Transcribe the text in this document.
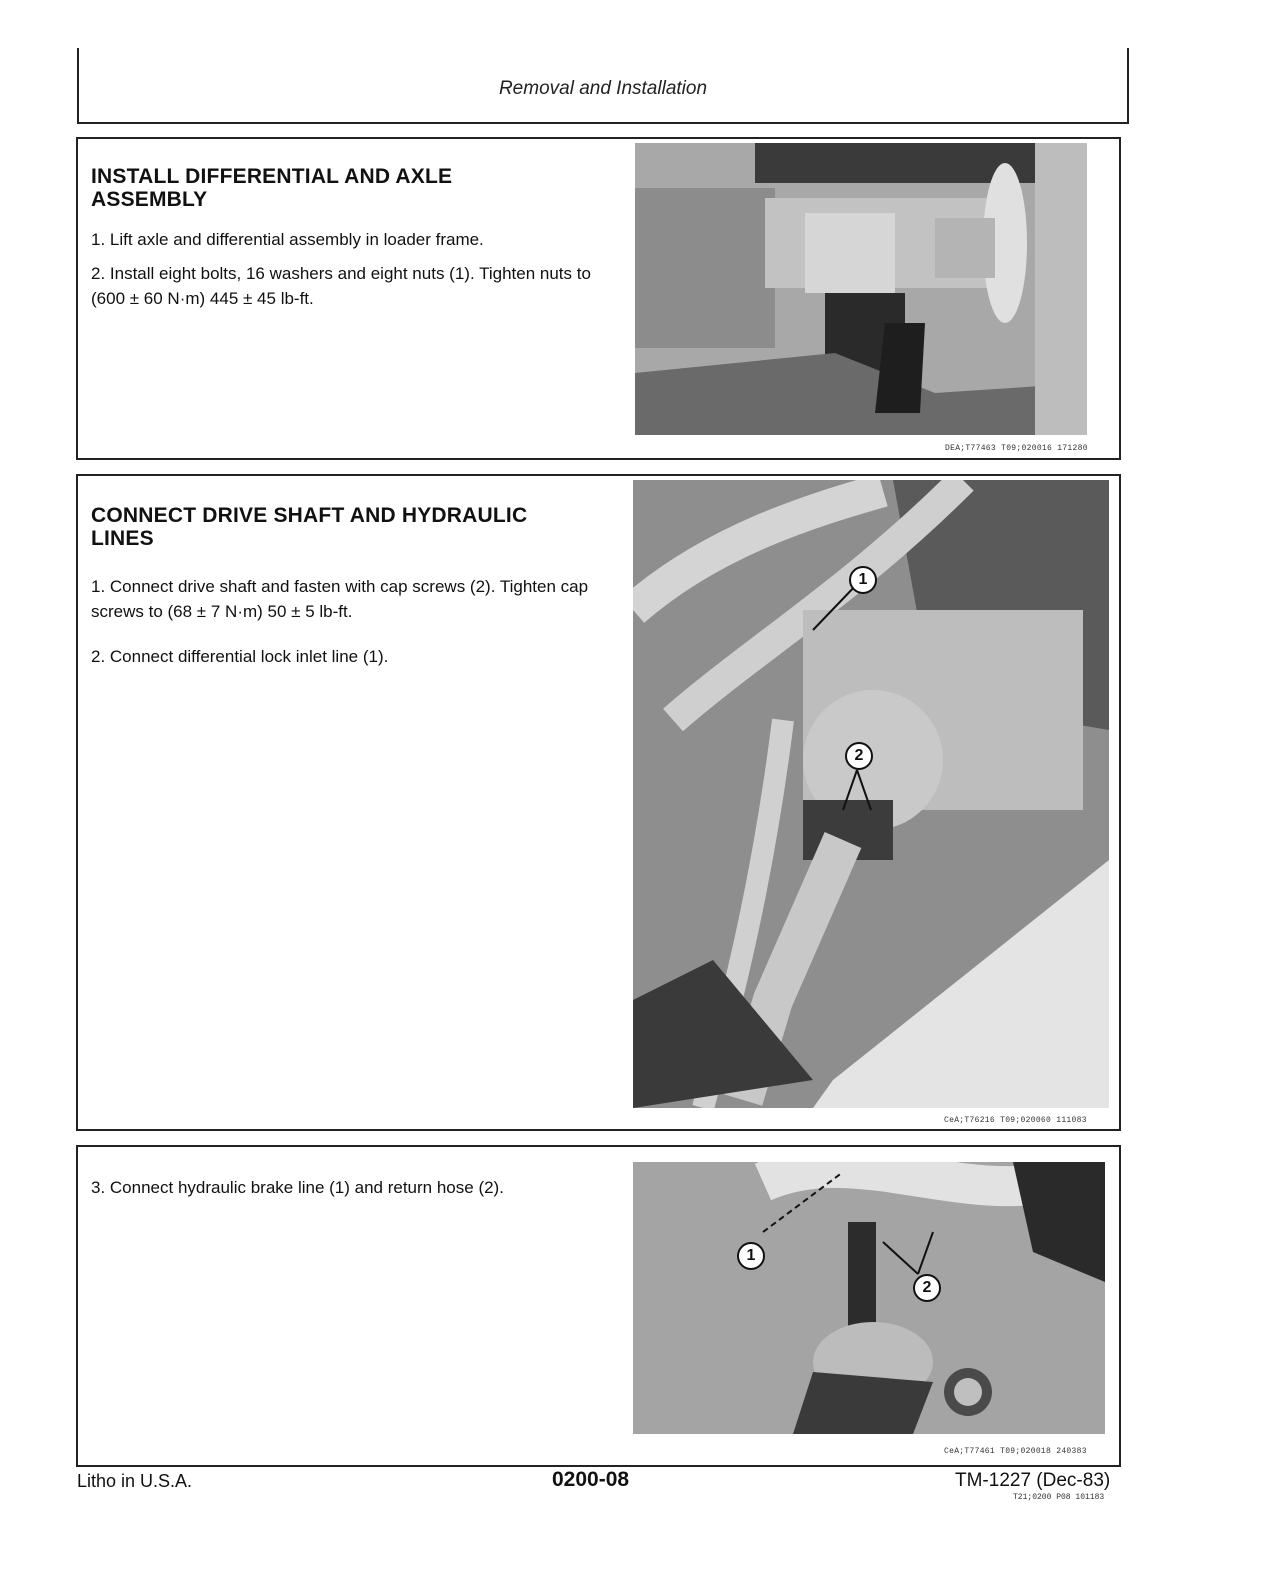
Removal and Installation
INSTALL DIFFERENTIAL AND AXLE
ASSEMBLY
1. Lift axle and differential assembly in loader frame.
2. Install eight bolts, 16 washers and eight nuts (1). Tighten nuts to (600 ± 60 N·m) 445 ± 45 lb-ft.
DEA;T77463 T09;020016 171280
CONNECT DRIVE SHAFT AND HYDRAULIC
LINES
1. Connect drive shaft and fasten with cap screws (2). Tighten cap screws to (68 ± 7 N·m) 50 ± 5 lb-ft.
2. Connect differential lock inlet line (1).
1
2
CeA;T76216 T09;020060 111083
3. Connect hydraulic brake line (1) and return hose (2).
1
2
CeA;T77461 T09;020018 240383
Litho in U.S.A.	0200-08	TM-1227 (Dec-83)
T21;0200 P08 101183
